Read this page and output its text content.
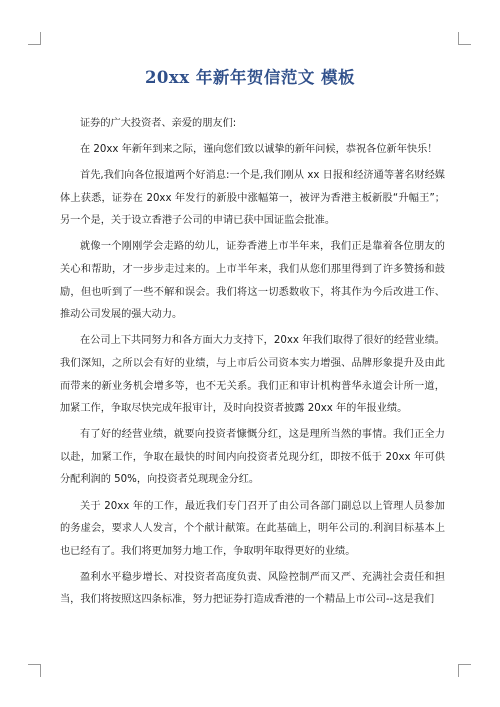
20xx 年新年贺信范文 模板

证券的广大投资者、亲爱的朋友们:

在 20xx 年新年到来之际，谨向您们致以诚挚的新年问候，恭祝各位新年快乐！

首先,我们向各位报道两个好消息:一个是,我们刚从 xx 日报和经济通等著名财经媒体上获悉，证券在 20xx 年发行的新股中涨幅第一，被评为香港主板新股“升幅王”；另一个是，关于设立香港子公司的申请已获中国证监会批准。

就像一个刚刚学会走路的幼儿，证券香港上市半年来，我们正是靠着各位朋友的关心和帮助，才一步步走过来的。上市半年来，我们从您们那里得到了许多赞扬和鼓励，但也听到了一些不解和误会。我们将这一切悉数收下，将其作为今后改进工作、推动公司发展的强大动力。

在公司上下共同努力和各方面大力支持下，20xx 年我们取得了很好的经营业绩。我们深知，之所以会有好的业绩，与上市后公司资本实力增强、品牌形象提升及由此而带来的新业务机会增多等，也不无关系。我们正和审计机构普华永道会计所一道，加紧工作，争取尽快完成年报审计，及时向投资者披露 20xx 年的年报业绩。

有了好的经营业绩，就要向投资者慷慨分红，这是理所当然的事情。我们正全力以赴，加紧工作，争取在最快的时间内向投资者兑现分红，即按不低于 20xx 年可供分配利润的 50%，向投资者兑现现金分红。

关于 20xx 年的工作，最近我们专门召开了由公司各部门副总以上管理人员参加的务虚会，要求人人发言，个个献计献策。在此基础上，明年公司的.利润目标基本上也已经有了。我们将更加努力地工作，争取明年取得更好的业绩。

盈利水平稳步增长、对投资者高度负责、风险控制严而又严、充满社会责任和担当，我们将按照这四条标准，努力把证券打造成香港的一个精品上市公司--这是我们
